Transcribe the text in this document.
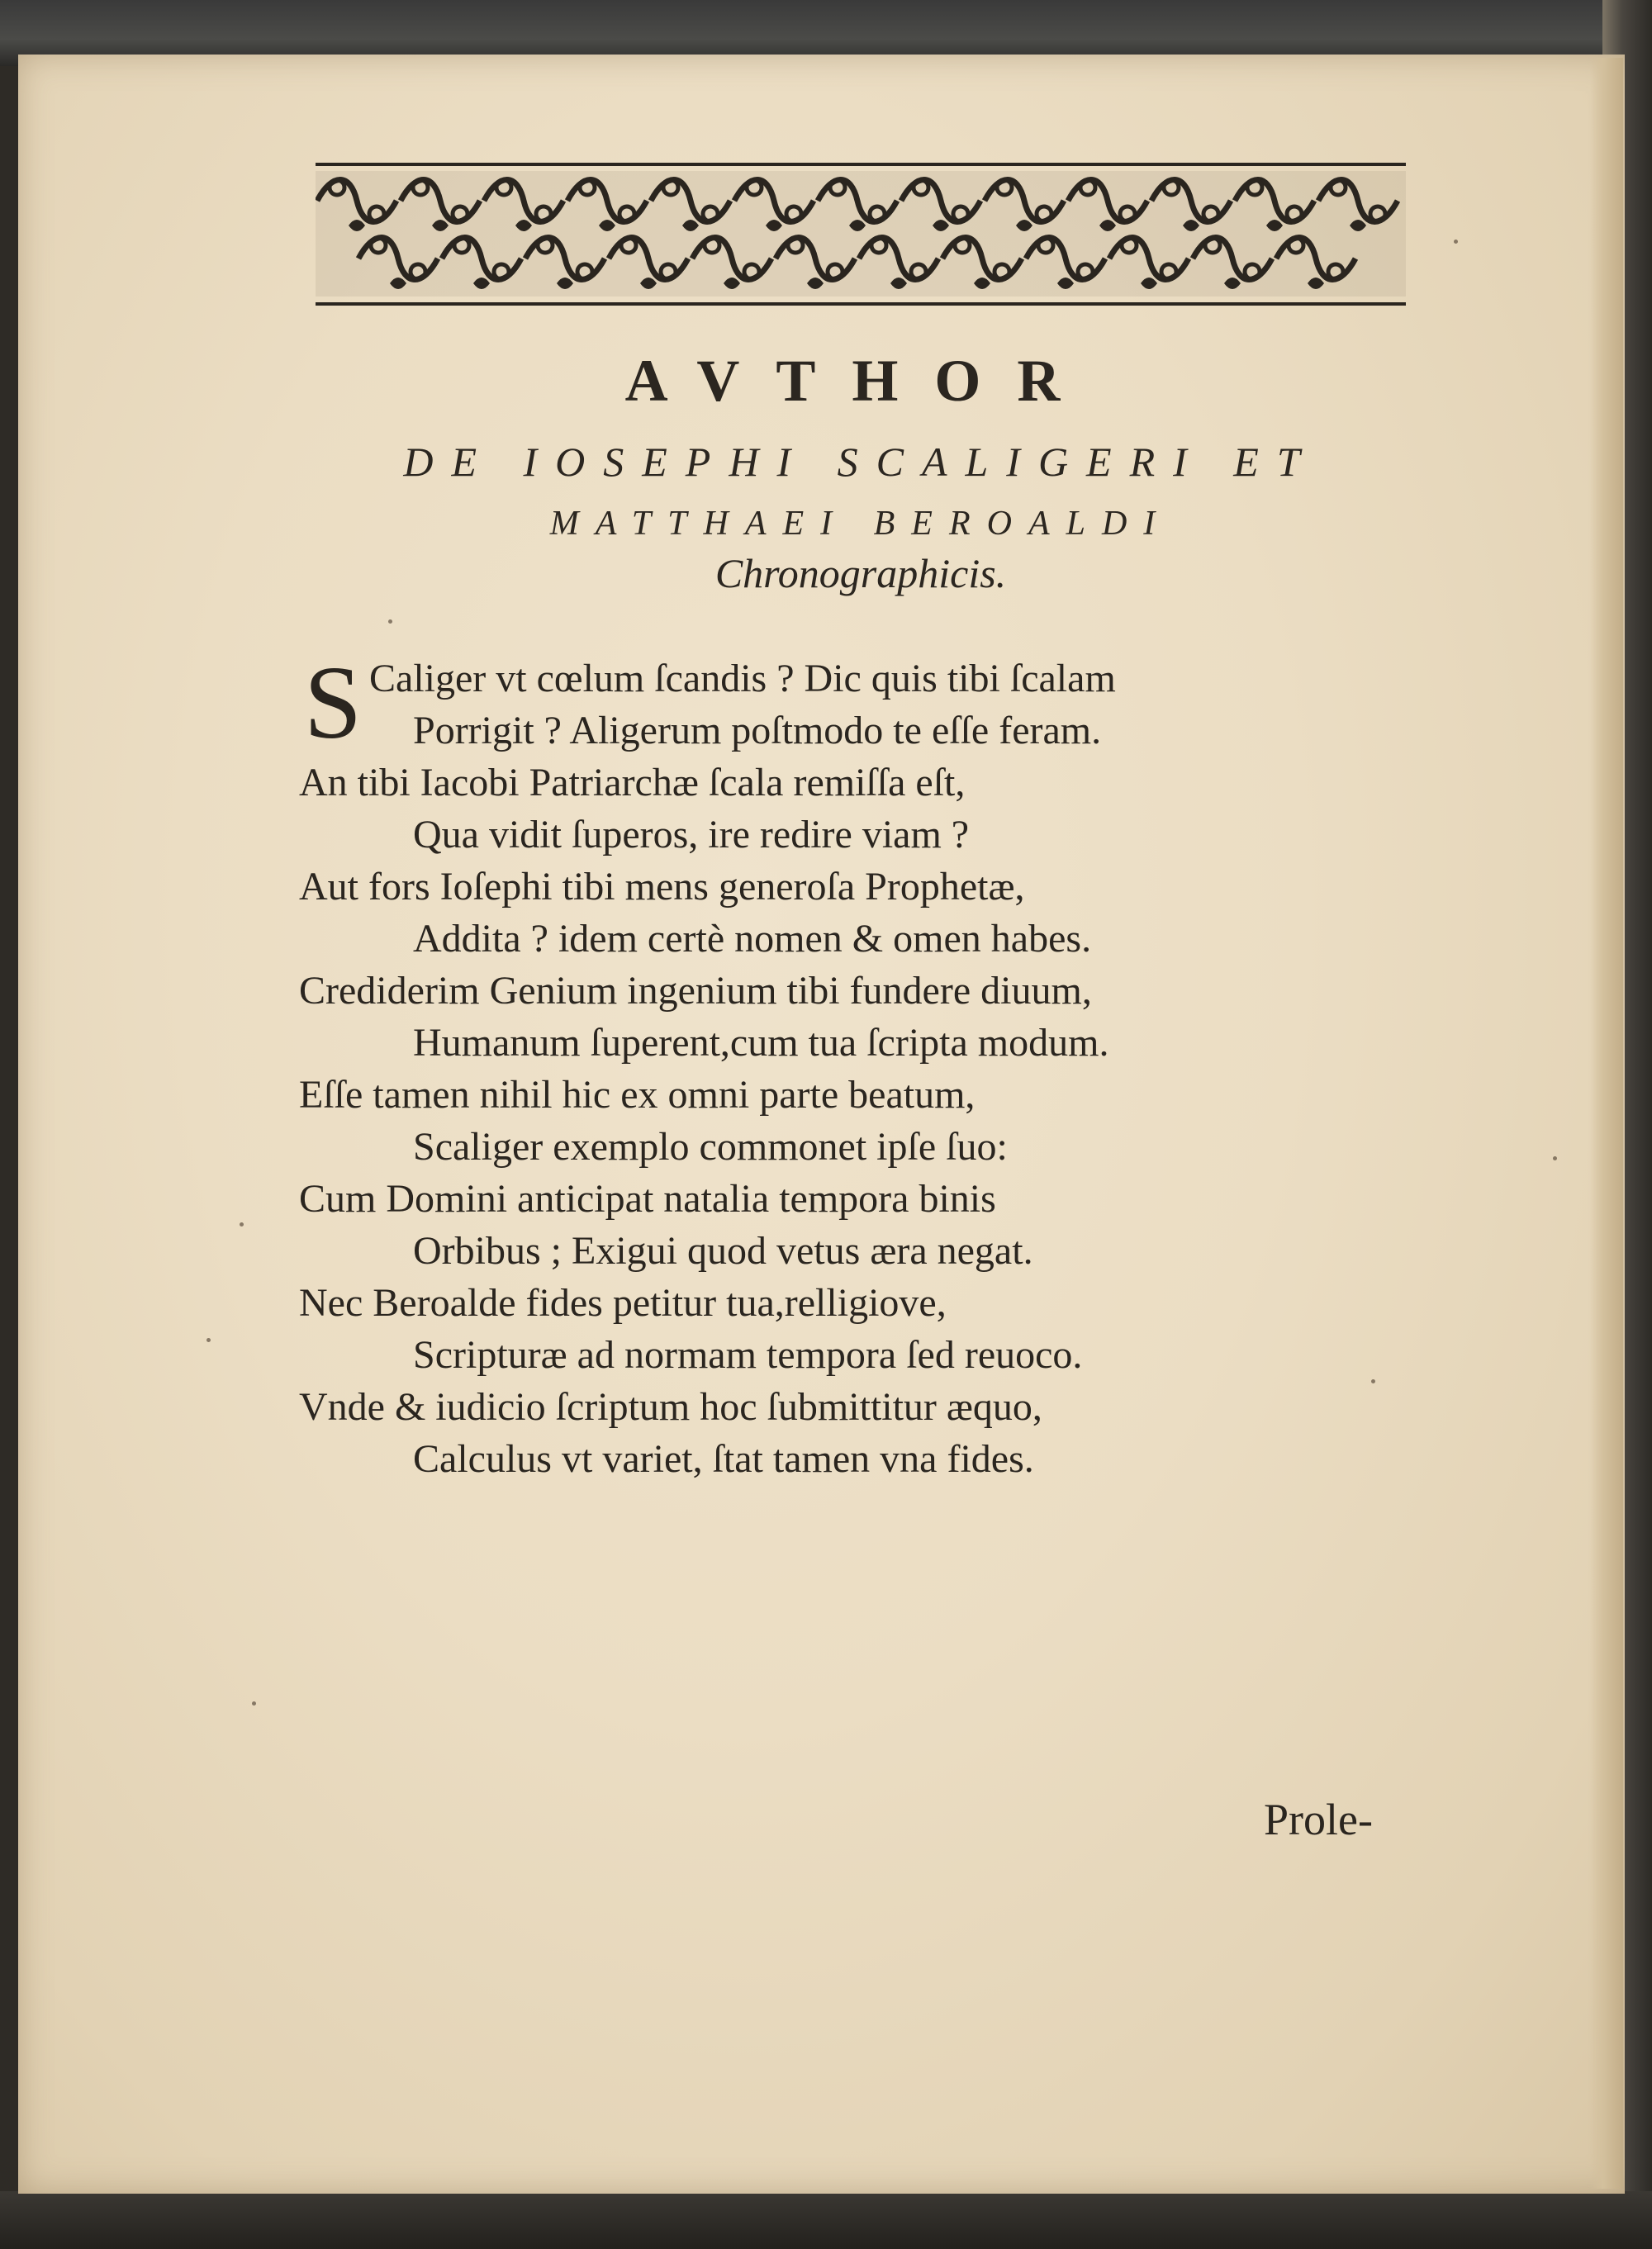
AVTHOR
DE IOSEPHI SCALIGERI ET
MATTHAEI BEROALDI
Chronographicis.
S Caliger vt cœlum ſcandis ? Dic quis tibi ſcalam
Porrigit ? Aligerum poſtmodo te eſſe feram.
An tibi Iacobi Patriarchæ ſcala remiſſa eſt,
Qua vidit ſuperos, ire redire viam ?
Aut fors Ioſephi tibi mens generoſa Prophetæ,
Addita ? idem certè nomen & omen habes.
Crediderim Genium ingenium tibi fundere diuum,
Humanum ſuperent,cum tua ſcripta modum.
Eſſe tamen nihil hic ex omni parte beatum,
Scaliger exemplo commonet ipſe ſuo:
Cum Domini anticipat natalia tempora binis
Orbibus ; Exigui quod vetus æra negat.
Nec Beroalde fides petitur tua,relligiove,
Scripturæ ad normam tempora ſed reuoco.
Vnde & iudicio ſcriptum hoc ſubmittitur æquo,
Calculus vt variet, ſtat tamen vna fides.
Prole-
